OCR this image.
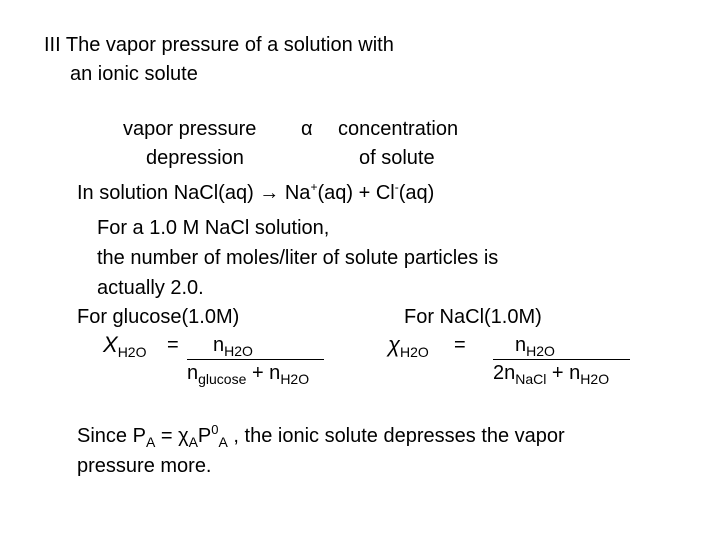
III The vapor pressure of a solution with
an ionic solute
vapor pressure
depression
α concentration
of solute
In solution NaCl(aq) → Na+(aq) + Cl-(aq)
For a 1.0 M NaCl solution,
the number of moles/liter of solute particles is
actually 2.0.
For glucose(1.0M)
$X_{H2O} = n_{H2O}$
$n_{glucose} + n_{H2O}$
For NaCl(1.0M)
$\chi_{H2O} = n_{H2O}$
$2n_{NaCl} + n_{H2O}$
Since $P_A = \chi_AP^0_A$ , the ionic solute depresses the vapor
pressure more.
